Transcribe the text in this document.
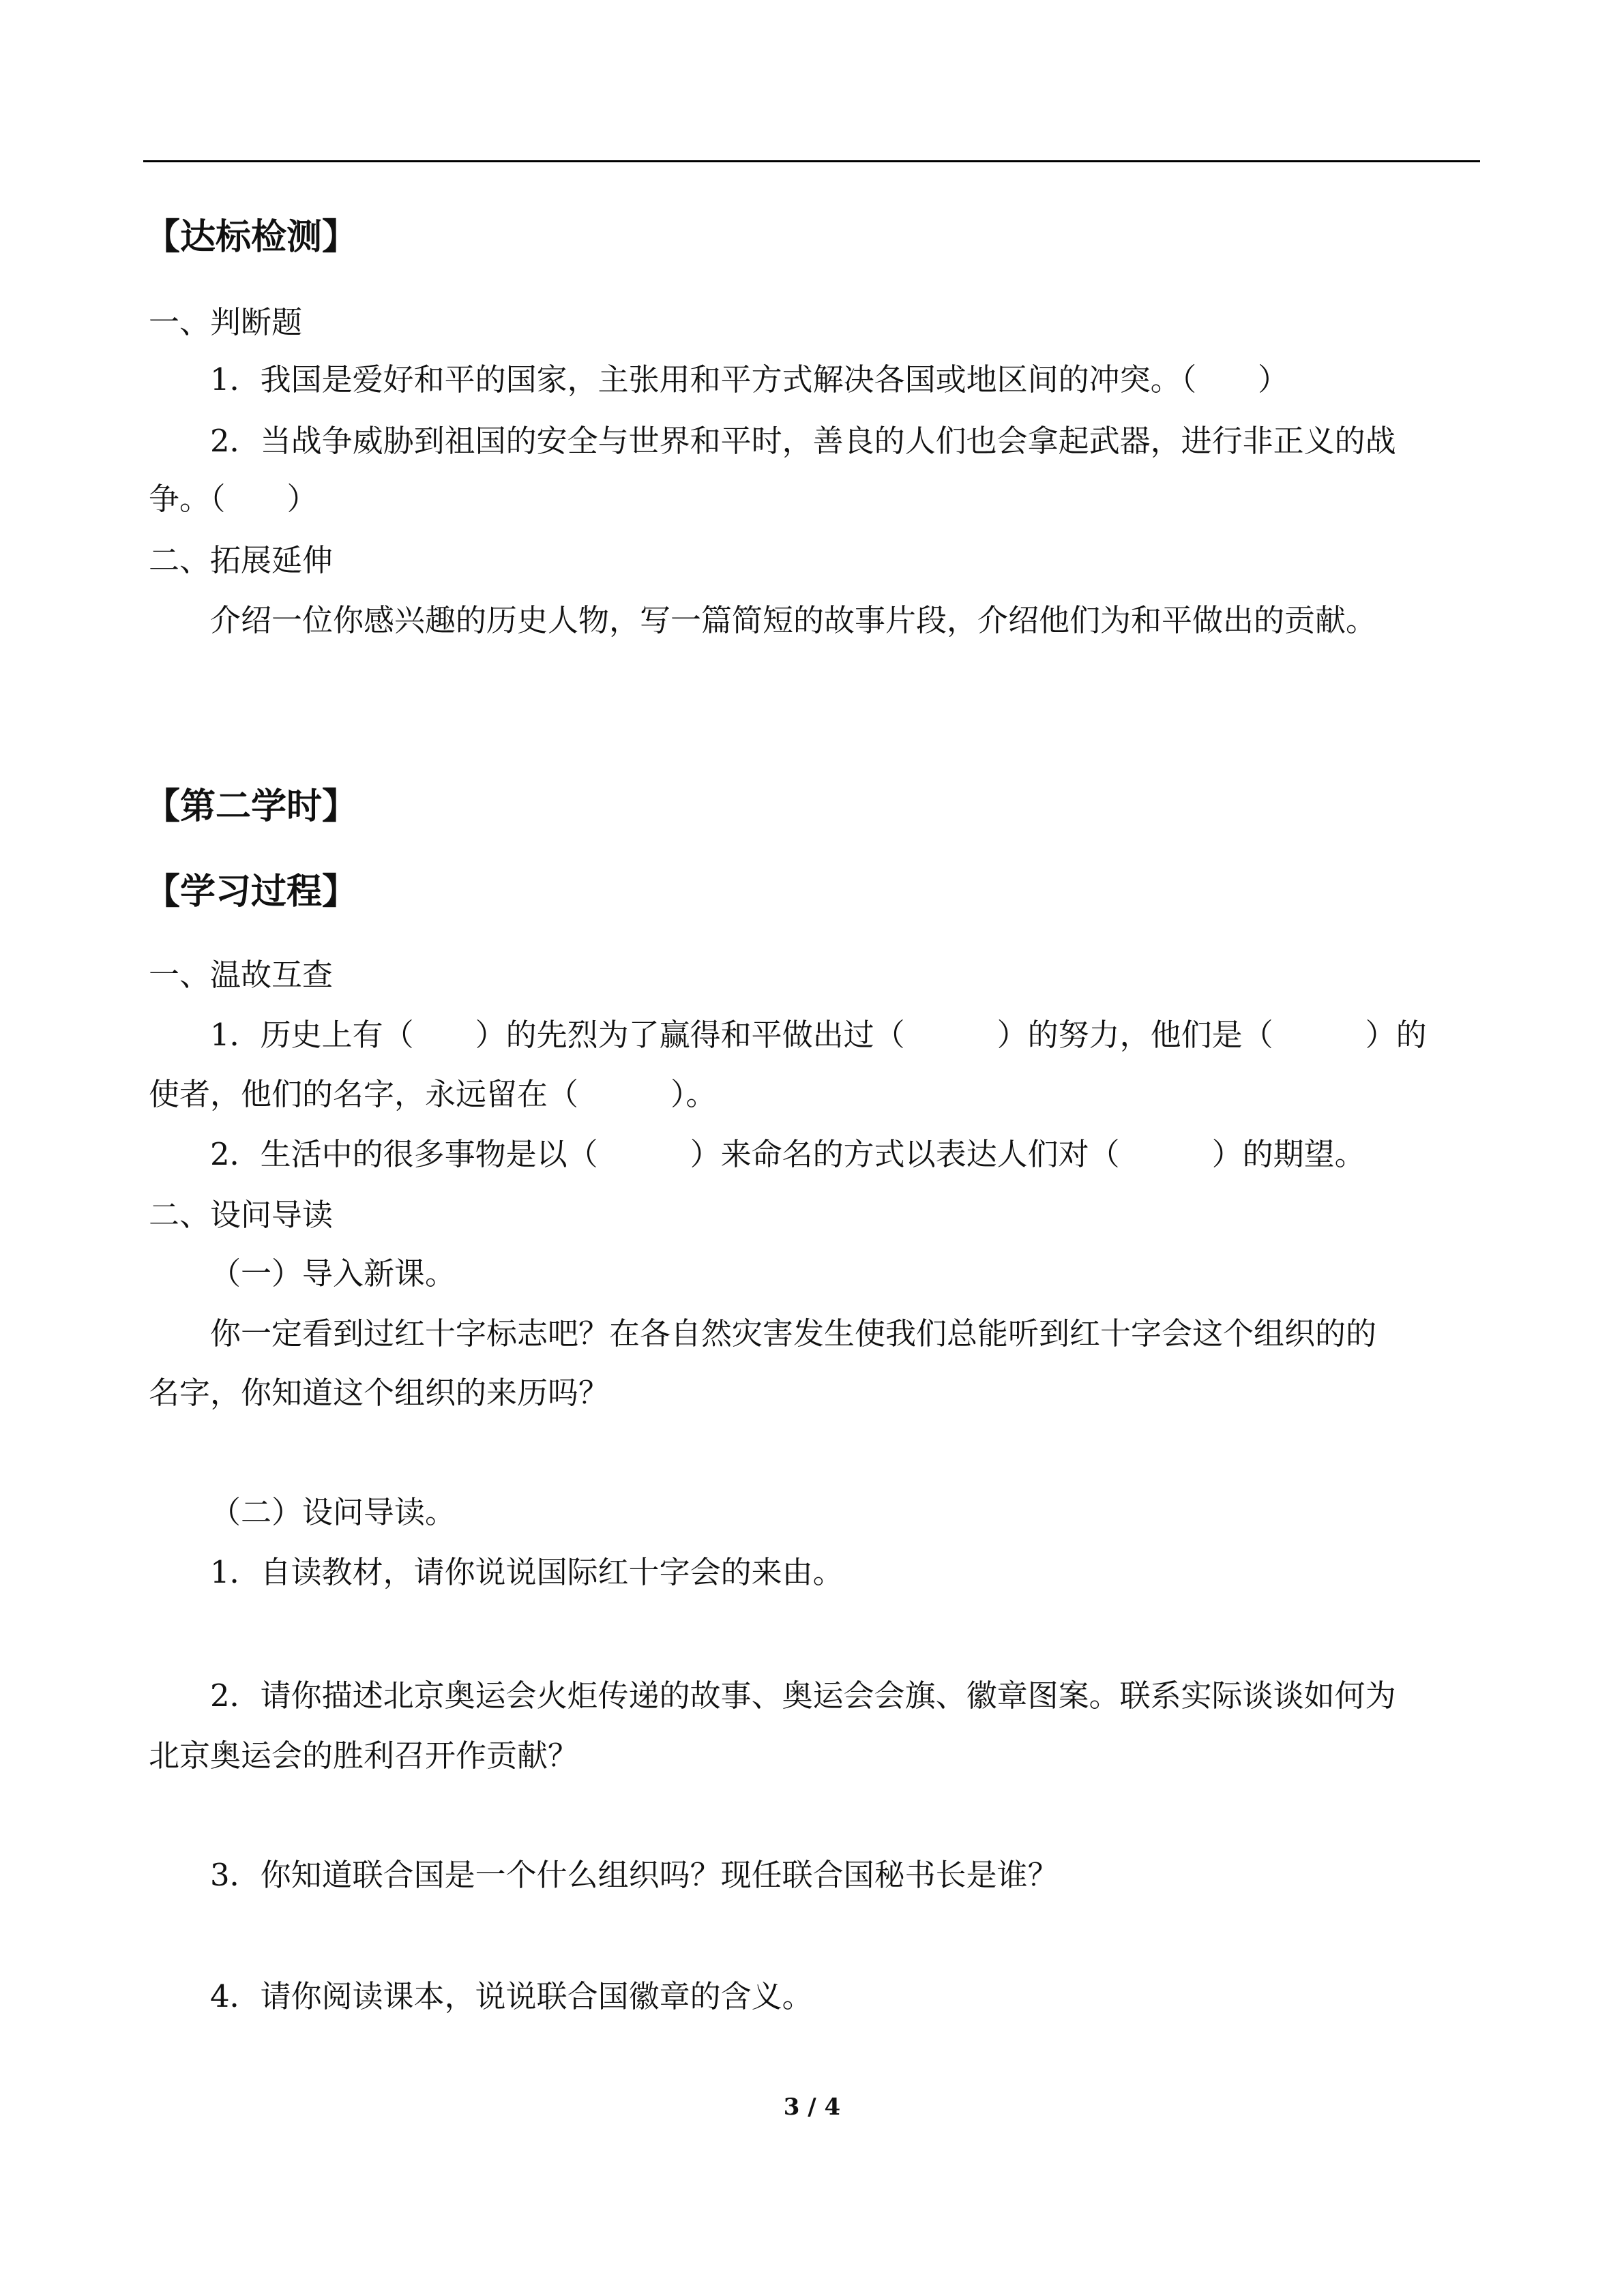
【达标检测】
一、判断题
1．我国是爱好和平的国家，主张用和平方式解决各国或地区间的冲突。（　　）
2．当战争威胁到祖国的安全与世界和平时，善良的人们也会拿起武器，进行非正义的战
争。（　　）
二、拓展延伸
介绍一位你感兴趣的历史人物，写一篇简短的故事片段，介绍他们为和平做出的贡献。
【第二学时】
【学习过程】
一、温故互查
1．历史上有（　　）的先烈为了赢得和平做出过（　　　）的努力，他们是（　　　）的
使者，他们的名字，永远留在（　　　）。
2．生活中的很多事物是以（　　　）来命名的方式以表达人们对（　　　）的期望。
二、设问导读
（一）导入新课。
你一定看到过红十字标志吧？在各自然灾害发生使我们总能听到红十字会这个组织的的
名字，你知道这个组织的来历吗？
（二）设问导读。
1．自读教材，请你说说国际红十字会的来由。
2．请你描述北京奥运会火炬传递的故事、奥运会会旗、徽章图案。联系实际谈谈如何为
北京奥运会的胜利召开作贡献？
3．你知道联合国是一个什么组织吗？现任联合国秘书长是谁？
4．请你阅读课本，说说联合国徽章的含义。
3 / 4
